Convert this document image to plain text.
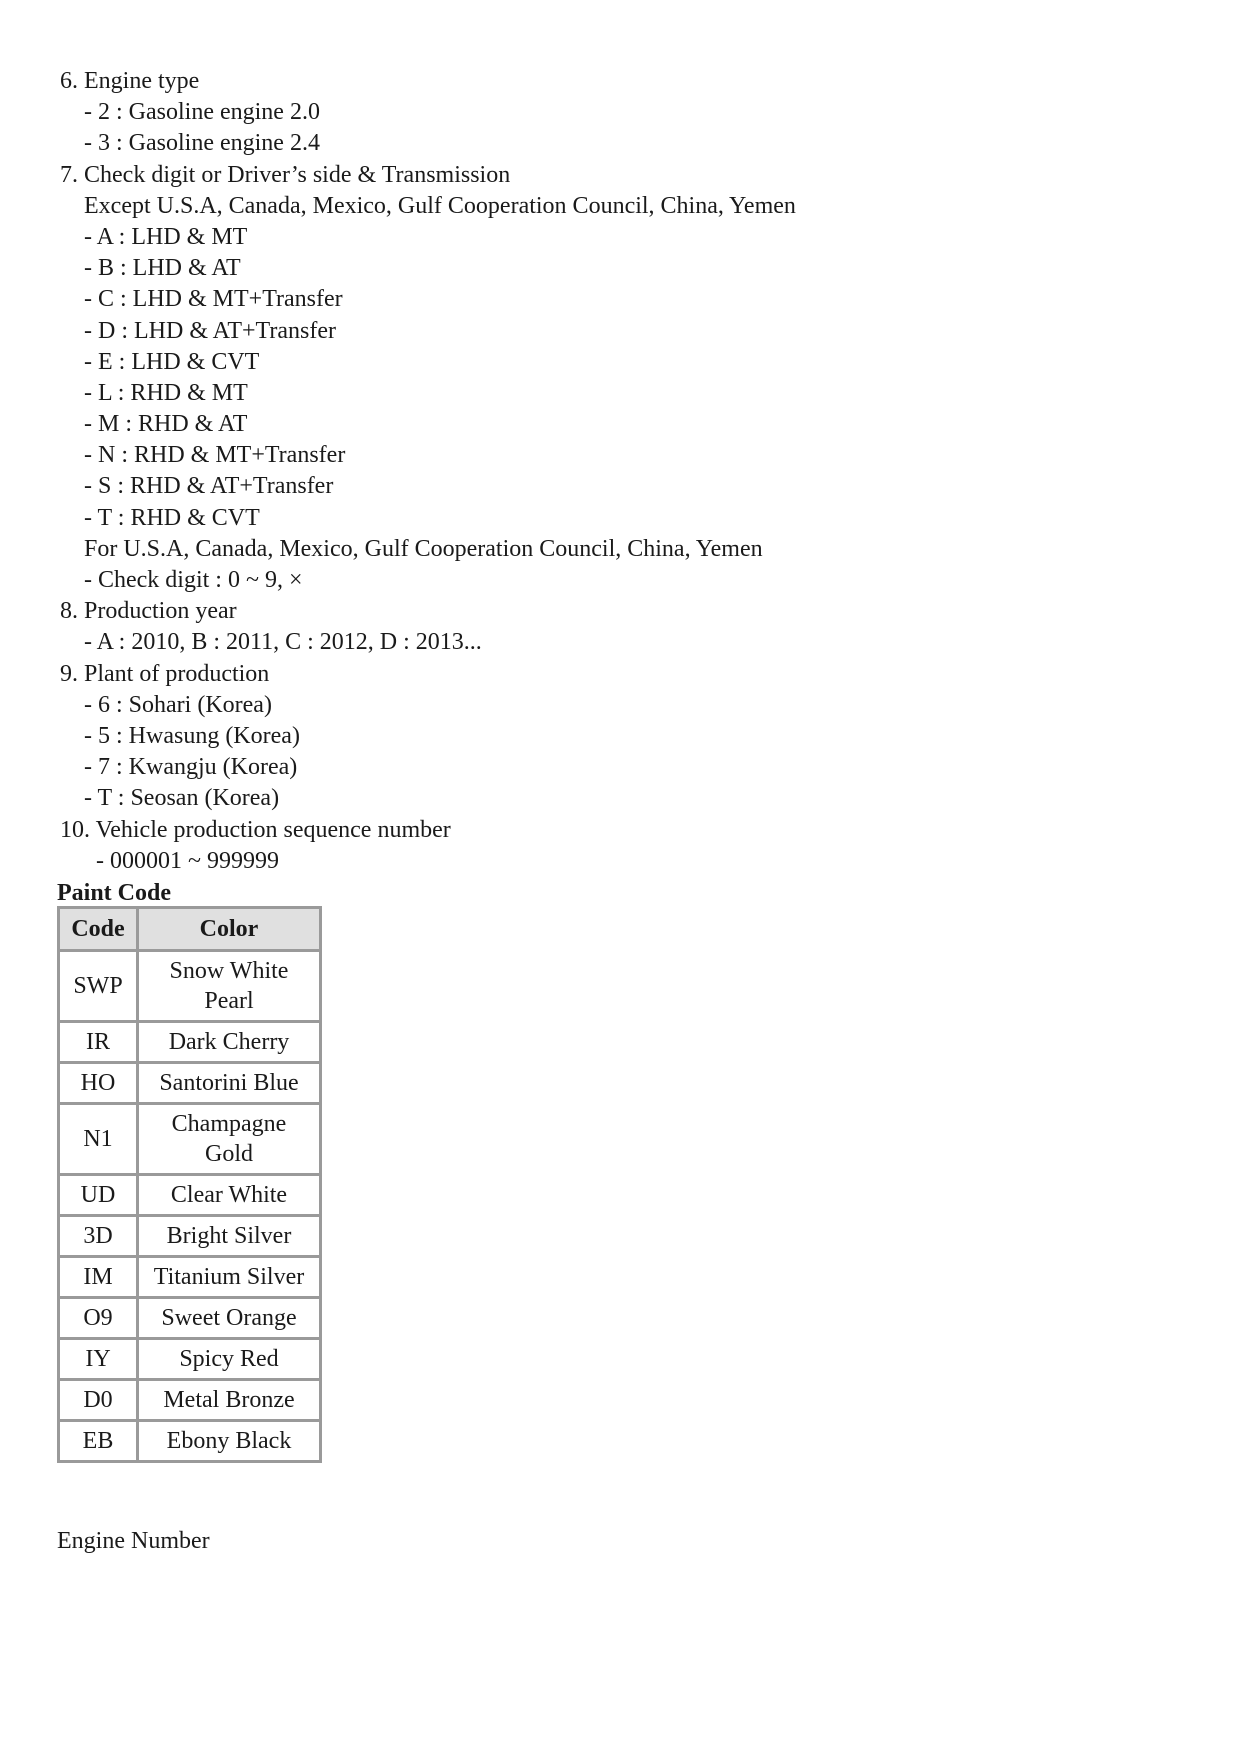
6. Engine type
- 2 : Gasoline engine 2.0
- 3 : Gasoline engine 2.4
7. Check digit or Driver’s side & Transmission
Except U.S.A, Canada, Mexico, Gulf Cooperation Council, China, Yemen
- A : LHD & MT
- B : LHD & AT
- C : LHD & MT+Transfer
- D : LHD & AT+Transfer
- E : LHD & CVT
- L : RHD & MT
- M : RHD & AT
- N : RHD & MT+Transfer
- S : RHD & AT+Transfer
- T : RHD & CVT
For U.S.A, Canada, Mexico, Gulf Cooperation Council, China, Yemen
- Check digit : 0 ~ 9, ×
8. Production year
- A : 2010, B : 2011, C : 2012, D : 2013...
9. Plant of production
- 6 : Sohari (Korea)
- 5 : Hwasung (Korea)
- 7 : Kwangju (Korea)
- T : Seosan (Korea)
10. Vehicle production sequence number
- 000001 ~ 999999
Paint Code
Code	Color
SWP	Snow White
Pearl
IR	Dark Cherry
HO	Santorini Blue
N1	Champagne
Gold
UD	Clear White
3D	Bright Silver
IM	Titanium Silver
O9	Sweet Orange
IY	Spicy Red
D0	Metal Bronze
EB	Ebony Black
Engine Number
